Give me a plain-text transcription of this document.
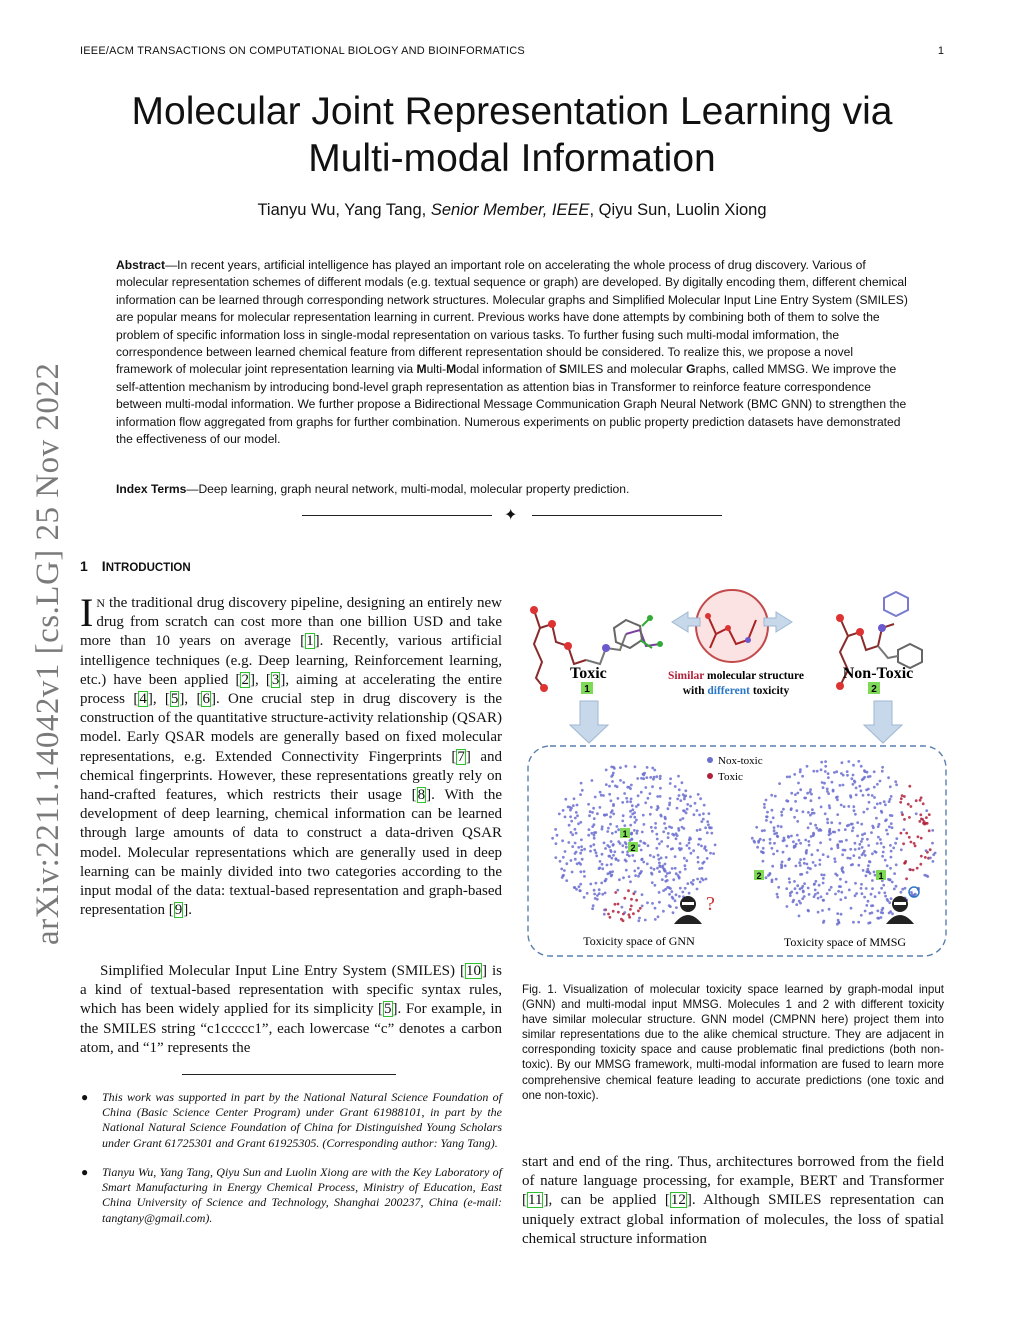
IEEE/ACM TRANSACTIONS ON COMPUTATIONAL BIOLOGY AND BIOINFORMATICS	1
arXiv:2211.14042v1 [cs.LG] 25 Nov 2022
Molecular Joint Representation Learning via Multi-modal Information
Tianyu Wu, Yang Tang, Senior Member, IEEE, Qiyu Sun, Luolin Xiong
Abstract—In recent years, artificial intelligence has played an important role on accelerating the whole process of drug discovery. Various of molecular representation schemes of different modals (e.g. textual sequence or graph) are developed. By digitally encoding them, different chemical information can be learned through corresponding network structures. Molecular graphs and Simplified Molecular Input Line Entry System (SMILES) are popular means for molecular representation learning in current. Previous works have done attempts by combining both of them to solve the problem of specific information loss in single-modal representation on various tasks. To further fusing such multi-modal imformation, the correspondence between learned chemical feature from different representation should be considered. To realize this, we propose a novel framework of molecular joint representation learning via Multi-Modal information of SMILES and molecular Graphs, called MMSG. We improve the self-attention mechanism by introducing bond-level graph representation as attention bias in Transformer to reinforce feature correspondence between multi-modal information. We further propose a Bidirectional Message Communication Graph Neural Network (BMC GNN) to strengthen the information flow aggregated from graphs for further combination. Numerous experiments on public property prediction datasets have demonstrated the effectiveness of our model.
Index Terms—Deep learning, graph neural network, multi-modal, molecular property prediction.
✦
1 INTRODUCTION
I N the traditional drug discovery pipeline, designing an entirely new drug from scratch can cost more than one billion USD and take more than 10 years on average [1]. Recently, various artificial intelligence techniques (e.g. Deep learning, Reinforcement learning, etc.) have been applied [2], [3], aiming at accelerating the entire process [4], [5], [6]. One crucial step in drug discovery is the construction of the quantitative structure-activity relationship (QSAR) model. Early QSAR models are generally based on fixed molecular representations, e.g. Extended Connectivity Fingerprints [7] and chemical fingerprints. However, these representations greatly rely on hand-crafted features, which restricts their usage [8]. With the development of deep learning, chemical information can be learned through large amounts of data to construct a data-driven QSAR model. Molecular representations which are generally used in deep learning can be mainly divided into two categories according to the input modal of the data: textual-based representation and graph-based representation [9].
Simplified Molecular Input Line Entry System (SMILES) [10] is a kind of textual-based representation with specific syntax rules, which has been widely applied for its simplicity [5]. For example, in the SMILES string “c1ccccc1”, each lowercase “c” denotes a carbon atom, and “1” represents the
● This work was supported in part by the National Natural Science Foundation of China (Basic Science Center Program) under Grant 61988101, in part by the National Natural Science Foundation of China for Distinguished Young Scholars under Grant 61725301 and Grant 61925305. (Corresponding author: Yang Tang).
● Tianyu Wu, Yang Tang, Qiyu Sun and Luolin Xiong are with the Key Laboratory of Smart Manufacturing in Energy Chemical Process, Ministry of Education, East China University of Science and Technology, Shanghai 200237, China (e-mail: tangtany@gmail.com).
Toxic
1
Similar molecular structure
with different toxicity
Non-Toxic
2
Nox-toxic
Toxic
1
2
2	1
?
Toxicity space of GNN	Toxicity space of MMSG
Fig. 1. Visualization of molecular toxicity space learned by graph-modal input (GNN) and multi-modal input MMSG. Molecules 1 and 2 with different toxicity have similar molecular structure. GNN model (CMPNN here) project them into similar representations due to the alike chemical structure. They are adjacent in corresponding toxicity space and cause problematic final predictions (both non-toxic). By our MMSG framework, multi-modal information are fused to learn more comprehensive chemical feature leading to accurate predictions (one toxic and one non-toxic).
start and end of the ring. Thus, architectures borrowed from the field of nature language processing, for example, BERT and Transformer [11], can be applied [12]. Although SMILES representation can uniquely extract global information of molecules, the loss of spatial chemical structure information
